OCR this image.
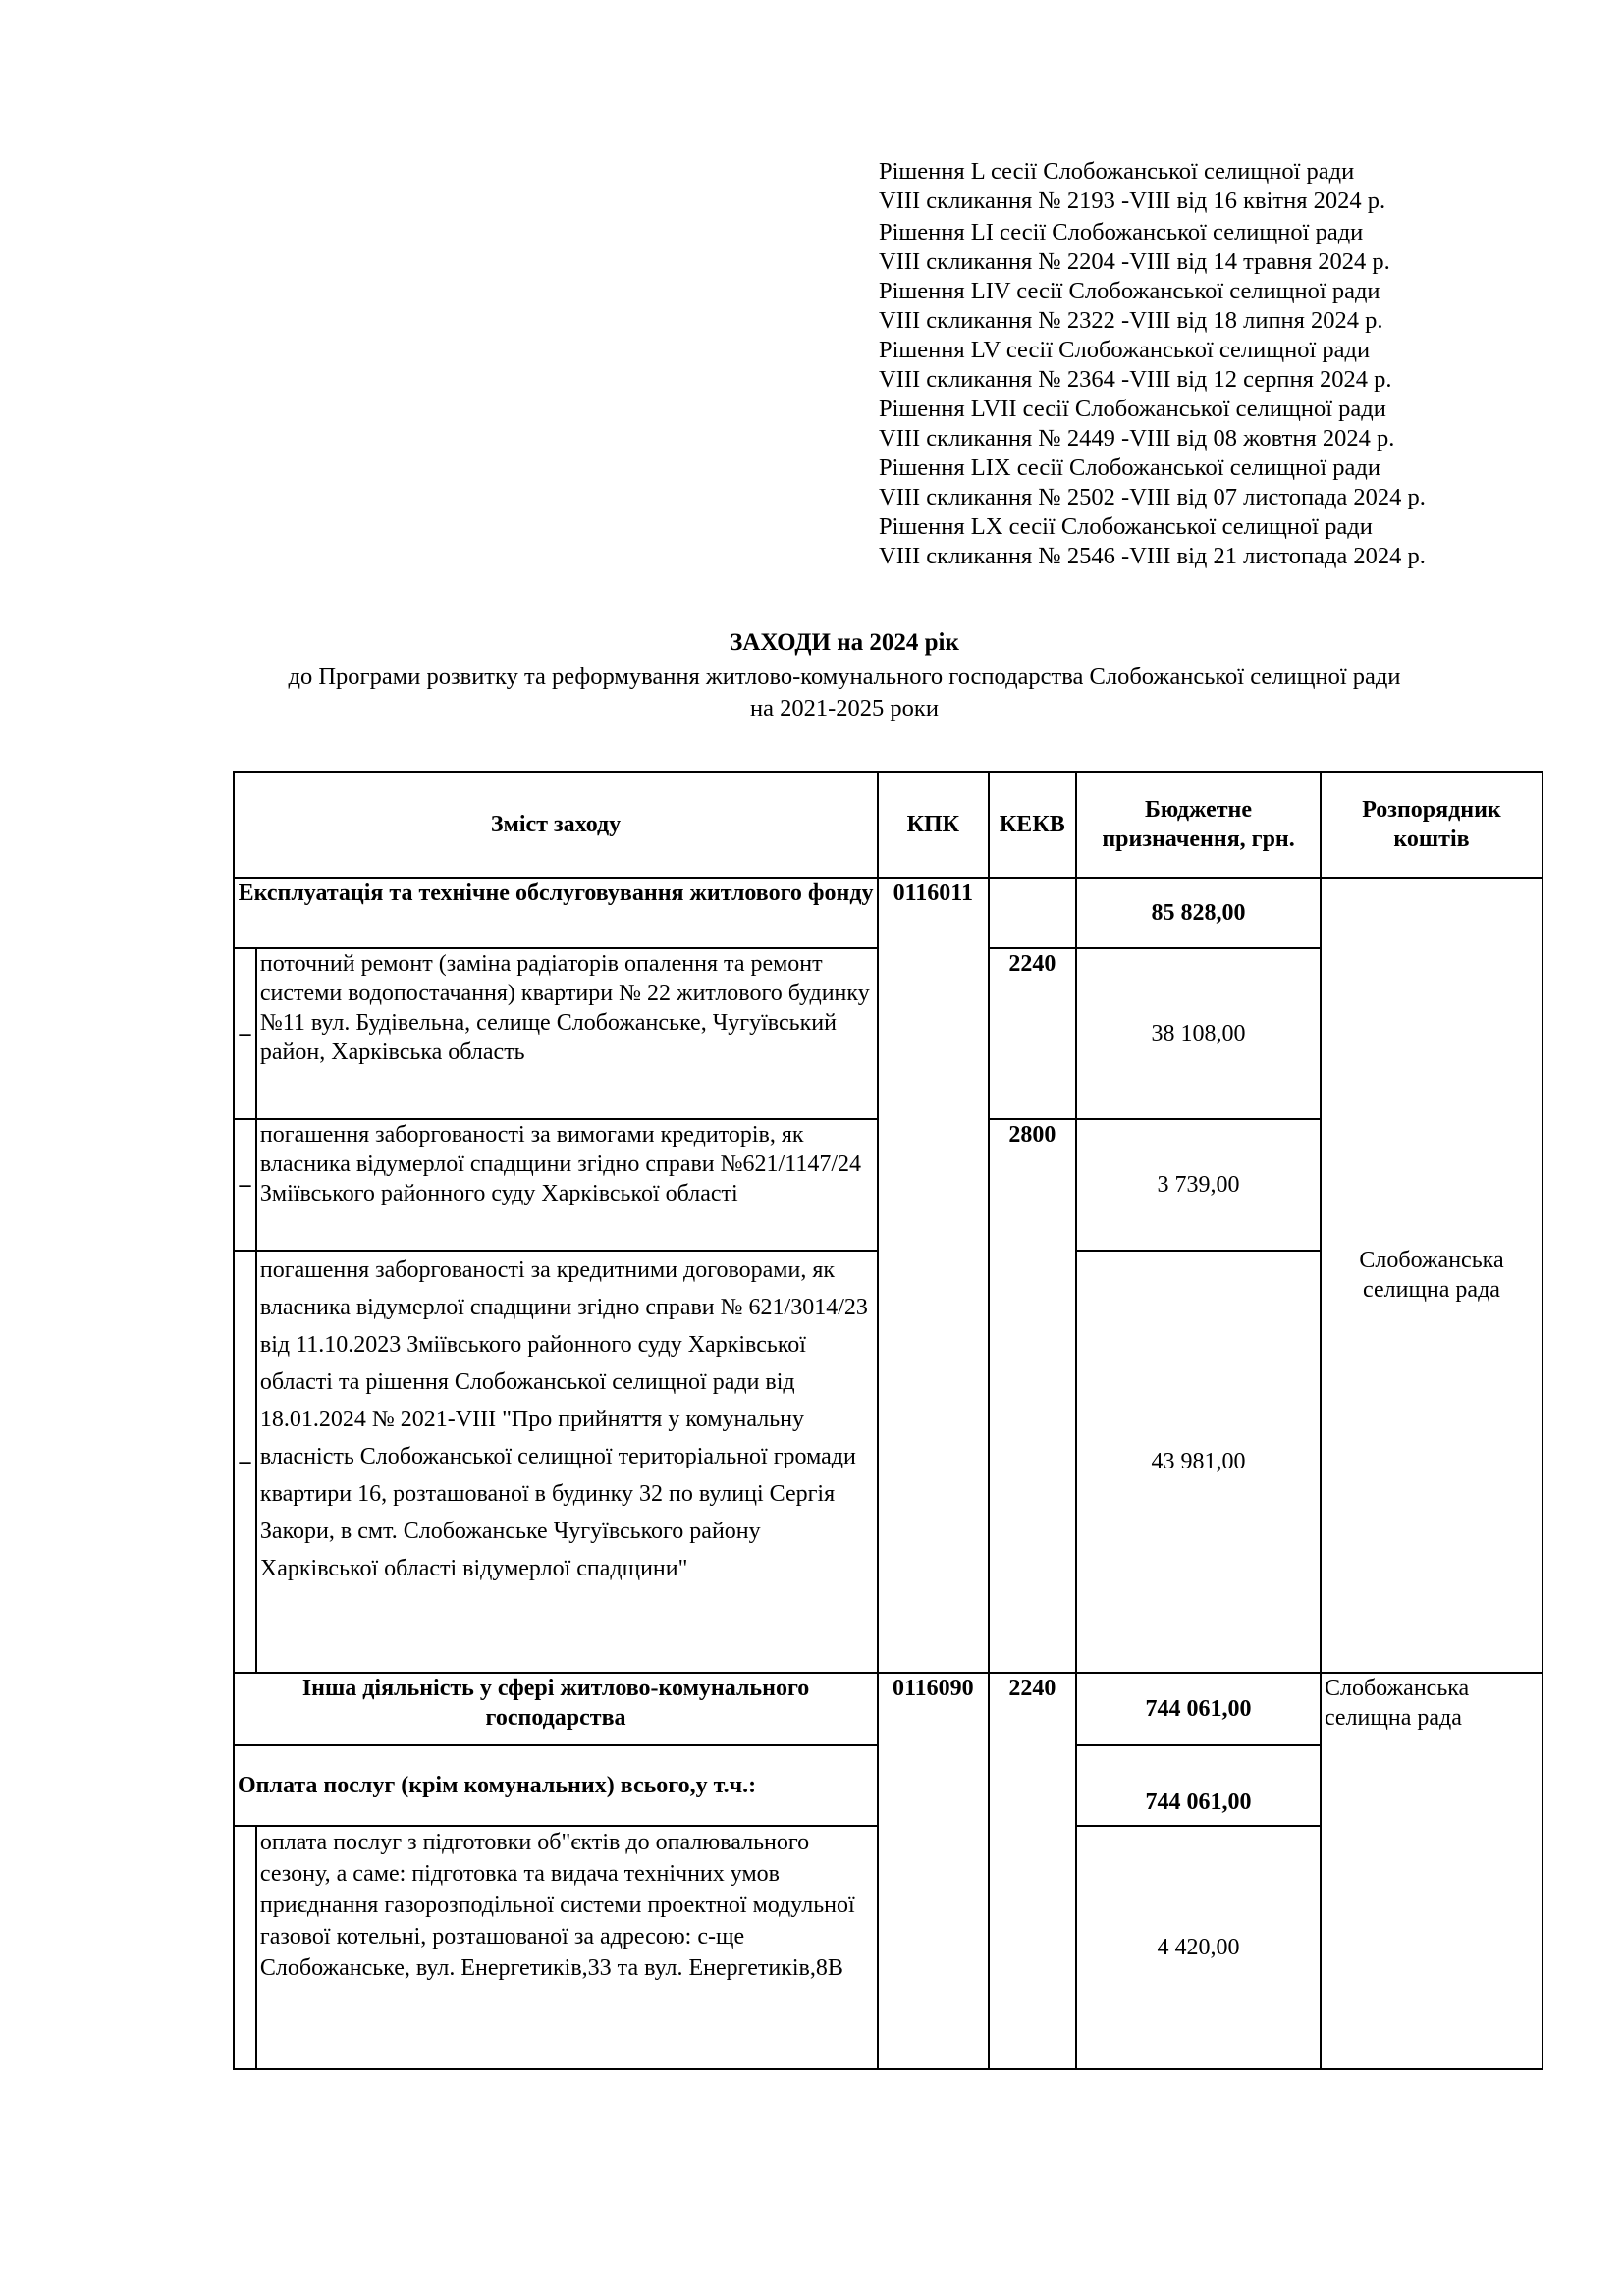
Рішення L сесії Слобожанської селищної ради
VIII скликання № 2193 -VIII від 16 квітня 2024 р.
Рішення LI сесії Слобожанської селищної ради
VIII скликання № 2204 -VIII від 14 травня 2024 р.
Рішення LIV сесії Слобожанської селищної ради
VIII скликання № 2322 -VIII від 18 липня 2024 р.
Рішення LV сесії Слобожанської селищної ради
VIII скликання № 2364 -VIII від 12 серпня 2024 р.
Рішення LVII сесії Слобожанської селищної ради
VIII скликання № 2449 -VIII від 08 жовтня 2024 р.
Рішення LIX сесії Слобожанської селищної ради
VIII скликання № 2502 -VIII від 07 листопада 2024 р.
Рішення LX сесії Слобожанської селищної ради
VIII скликання № 2546 -VIII від 21 листопада 2024 р.
ЗАХОДИ на 2024 рік
до Програми розвитку та реформування житлово-комунального господарства Слобожанської селищної ради
на 2021-2025 роки
Зміст заходу		КПК	КЕКВ	Бюджетне призначення, грн.	Розпорядник коштів
Експлуатація та технічне обслуговування житлового фонду		0116011		85 828,00	Слобожанська селищна рада
–	поточний ремонт (заміна радіаторів опалення та ремонт системи водопостачання) квартири № 22 житлового будинку №11 вул. Будівельна, селище Слобожанське, Чугуївський район, Харківська область		2240	38 108,00	
–	погашення заборгованості за вимогами кредиторів, як власника відумерлої спадщини згідно справи №621/1147/24 Зміївського районного суду Харківської області		2800	3 739,00	
–	погашення заборгованості за кредитними договорами, як власника відумерлої спадщини згідно справи № 621/3014/23 від 11.10.2023 Зміївського районного суду Харківської області та рішення Слобожанської селищної ради від 18.01.2024 № 2021-VIII "Про прийняття у комунальну власність Слобожанської селищної територіальної громади квартири 16, розташованої в будинку 32 по вулиці Сергія Закори, в смт. Слобожанське Чугуївського району Харківської області відумерлої спадщини"			43 981,00	
Інша діяльність у сфері житлово-комунального господарства		0116090	2240	744 061,00	Слобожанська селищна рада
Оплата послуг (крім комунальних) всього,у т.ч.:				744 061,00	
	оплата послуг з підготовки об"єктів до опалювального сезону, а саме: підготовка та видача технічних умов приєднання газорозподільної системи проектної модульної газової котельні, розташованої за адресою: с-ще Слобожанське, вул. Енергетиків,33 та вул. Енергетиків,8В			4 420,00	
